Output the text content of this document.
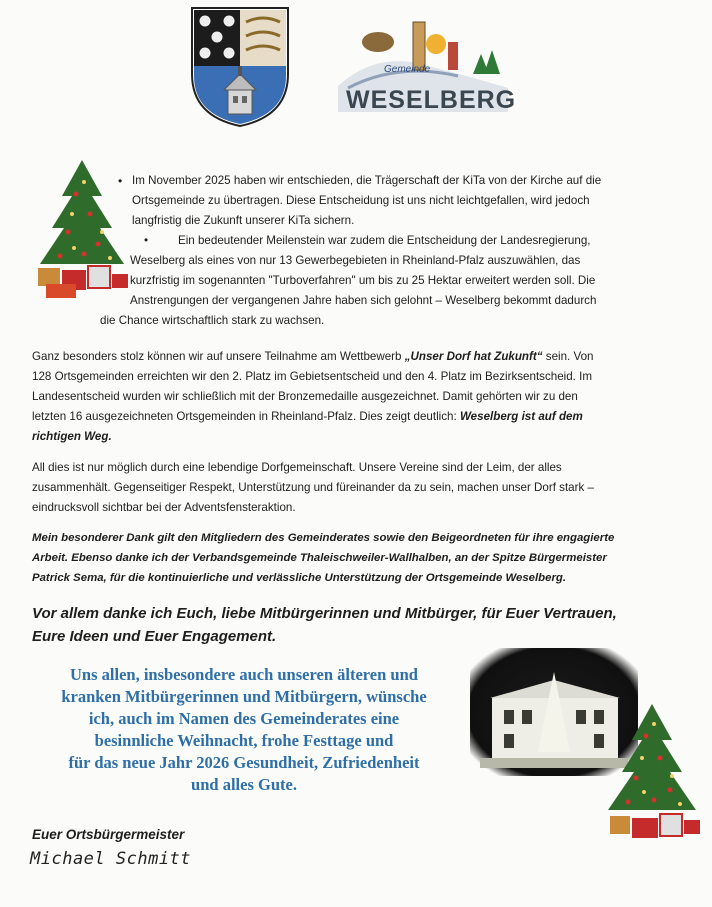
Gemeinde
WESELBERG
• Im November 2025 haben wir entschieden, die Trägerschaft der KiTa von der Kirche auf die
Ortsgemeinde zu übertragen. Diese Entscheidung ist uns nicht leichtgefallen, wird jedoch
langfristig die Zukunft unserer KiTa sichern.
•	Ein bedeutender Meilenstein war zudem die Entscheidung der Landesregierung,
Weselberg als eines von nur 13 Gewerbegebieten in Rheinland-Pfalz auszuwählen, das
kurzfristig im sogenannten "Turboverfahren" um bis zu 25 Hektar erweitert werden soll. Die
Anstrengungen der vergangenen Jahre haben sich gelohnt – Weselberg bekommt dadurch
die Chance wirtschaftlich stark zu wachsen.
Ganz besonders stolz können wir auf unsere Teilnahme am Wettbewerb „Unser Dorf hat Zukunft“ sein. Von
128 Ortsgemeinden erreichten wir den 2. Platz im Gebietsentscheid und den 4. Platz im Bezirksentscheid. Im
Landesentscheid wurden wir schließlich mit der Bronzemedaille ausgezeichnet. Damit gehörten wir zu den
letzten 16 ausgezeichneten Ortsgemeinden in Rheinland-Pfalz. Dies zeigt deutlich: Weselberg ist auf dem
richtigen Weg.
All dies ist nur möglich durch eine lebendige Dorfgemeinschaft. Unsere Vereine sind der Leim, der alles
zusammenhält. Gegenseitiger Respekt, Unterstützung und füreinander da zu sein, machen unser Dorf stark –
eindrucksvoll sichtbar bei der Adventsfensteraktion.
Mein besonderer Dank gilt den Mitgliedern des Gemeinderates sowie den Beigeordneten für ihre engagierte
Arbeit. Ebenso danke ich der Verbandsgemeinde Thaleischweiler-Wallhalben, an der Spitze Bürgermeister
Patrick Sema, für die kontinuierliche und verlässliche Unterstützung der Ortsgemeinde Weselberg.
Vor allem danke ich Euch, liebe Mitbürgerinnen und Mitbürger, für Euer Vertrauen,
Eure Ideen und Euer Engagement.
Uns allen, insbesondere auch unseren älteren und
kranken Mitbürgerinnen und Mitbürgern, wünsche
ich, auch im Namen des Gemeinderates eine
besinnliche Weihnacht, frohe Festtage und
für das neue Jahr 2026 Gesundheit, Zufriedenheit
und alles Gute.
Euer Ortsbürgermeister
Michael Schmitt
